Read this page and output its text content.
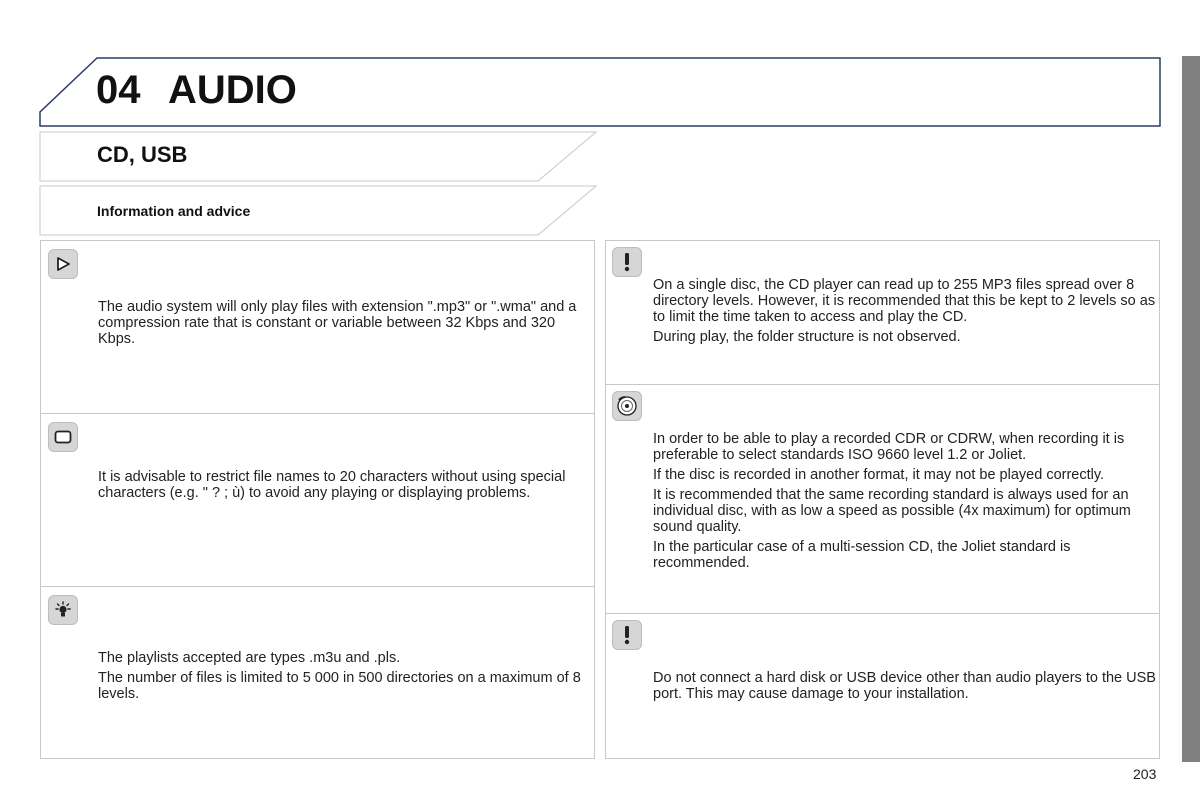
04 AUDIO
CD, USB
Information and advice

The audio system will only play files with extension ".mp3" or ".wma" and a compression rate that is constant or variable between 32 Kbps and 320 Kbps.

It is advisable to restrict file names to 20 characters without using special characters (e.g. " ? ; ù) to avoid any playing or displaying problems.

The playlists accepted are types .m3u and .pls.

The number of files is limited to 5 000 in 500 directories on a maximum of 8 levels.

On a single disc, the CD player can read up to 255 MP3 files spread over 8 directory levels. However, it is recommended that this be kept to 2 levels so as to limit the time taken to access and play the CD.

During play, the folder structure is not observed.

In order to be able to play a recorded CDR or CDRW, when recording it is preferable to select standards ISO 9660 level 1.2 or Joliet.

If the disc is recorded in another format, it may not be played correctly.

It is recommended that the same recording standard is always used for an individual disc, with as low a speed as possible (4x maximum) for optimum sound quality.

In the particular case of a multi-session CD, the Joliet standard is recommended.

Do not connect a hard disk or USB device other than audio players to the USB port. This may cause damage to your installation.

203
